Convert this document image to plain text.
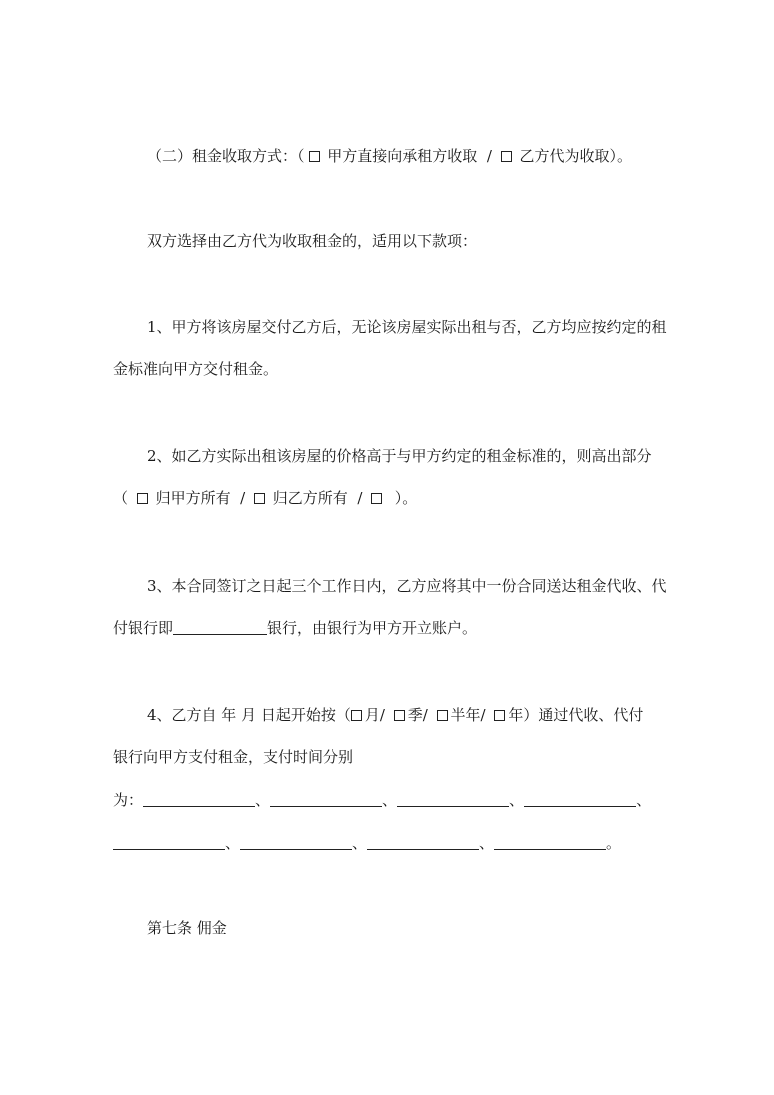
（二）租金收取方式：（ 甲方直接向承租方收取 / 乙方代为收取）。
双方选择由乙方代为收取租金的，适用以下款项：
1、甲方将该房屋交付乙方后，无论该房屋实际出租与否，乙方均应按约定的租
金标准向甲方交付租金。
2、如乙方实际出租该房屋的价格高于与甲方约定的租金标准的，则高出部分
（ 归甲方所有 / 归乙方所有 / ）。
3、本合同签订之日起三个工作日内，乙方应将其中一份合同送达租金代收、代
付银行即	银行，由银行为甲方开立账户。
4、乙方自 年 月 日起开始按（ 月/ 季/ 半年/ 年）通过代收、代付
银行向甲方支付租金，支付时间分别
为：	、	、	、	、
、	、	、	。
第七条 佣金
